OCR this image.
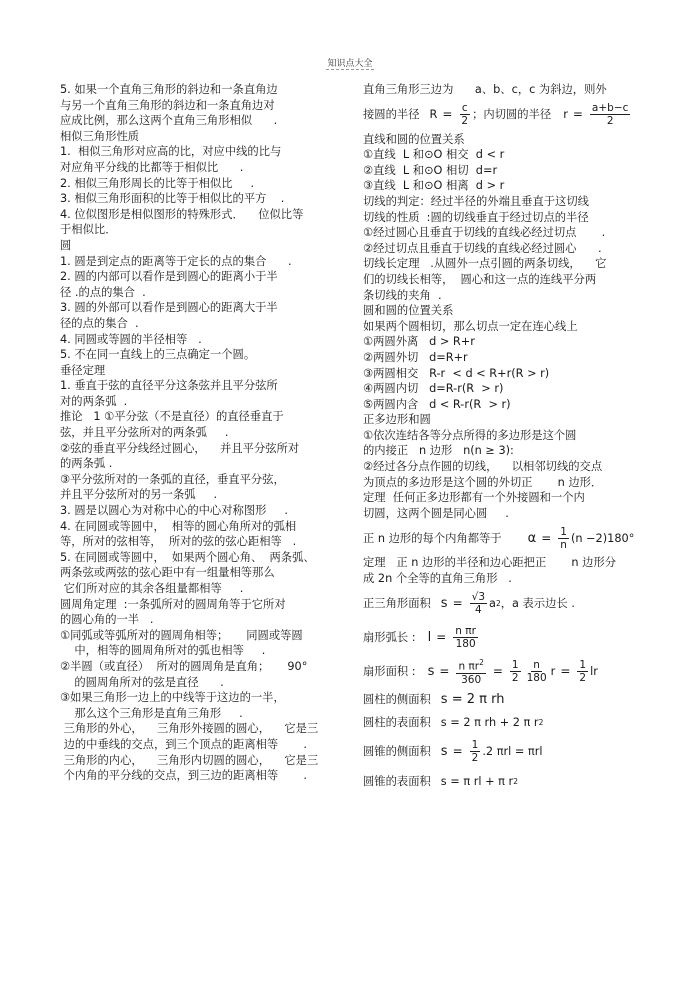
知识点大全
5. 如果一个直角三角形的斜边和一条直角边
与另一个直角三角形的斜边和一条直角边对
应成比例，那么这两个直角三角形相似      .
相似三角形性质
1.  相似三角形对应高的比，对应中线的比与
对应角平分线的比都等于相似比      .
2. 相似三角形周长的比等于相似比     .
3. 相似三角形面积的比等于相似比的平方    .
4. 位似图形是相似图形的特殊形式．    位似比等
于相似比．
圆
1. 圆是到定点的距离等于定长的点的集合      .
2. 圆的内部可以看作是到圆心的距离小于半
径 .的点的集合  .
3. 圆的外部可以看作是到圆心的距离大于半
径的点的集合  .
4. 同圆或等圆的半径相等   .
5. 不在同一直线上的三点确定一个圆。
垂径定理
1. 垂直于弦的直径平分这条弦并且平分弦所
对的两条弧  .
推论   1 ①平分弦（不是直径）的直径垂直于
弦，并且平分弦所对的两条弧     .
②弦的垂直平分线经过圆心，    并且平分弦所对
的两条弧 .
③平分弦所对的一条弧的直径，垂直平分弦，
并且平分弦所对的另一条弧     .
3. 圆是以圆心为对称中心的中心对称图形     .
4. 在同圆或等圆中，  相等的圆心角所对的弧相
等，所对的弦相等，  所对的弦的弦心距相等   .
5. 在同圆或等圆中，  如果两个圆心角、  两条弧、
两条弦或两弦的弦心距中有一组量相等那么
它们所对应的其余各组量都相等     .
圆周角定理  :一条弧所对的圆周角等于它所对
的圆心角的一半   .
①同弧或等弧所对的圆周角相等；     同圆或等圆
中，相等的圆周角所对的弧也相等     .
②半圆（或直径）  所对的圆周角是直角；     90°
的圆周角所对的弦是直径      .
③如果三角形一边上的中线等于这边的一半，
那么这个三角形是直角三角形     .
三角形的外心，    三角形外接圆的圆心，    它是三
边的中垂线的交点，到三个顶点的距离相等       .
三角形的内心，    三角形内切圆的圆心，    它是三
个内角的平分线的交点，到三边的距离相等       .
直角三角形三边为      a、b、c，c 为斜边，则外
接圆的半径 $R = \frac{c}{2}$ ；内切圆的半径 $r = \frac{a+b-c}{2}$
直线和圆的位置关系
①直线  L 和⊙O 相交  d < r
②直线  L 和⊙O 相切  d=r
③直线  L 和⊙O 相离  d > r
切线的判定：经过半径的外端且垂直于这切线
切线的性质  :圆的切线垂直于经过切点的半径
①经过圆心且垂直于切线的直线必经过切点       .
②经过切点且垂直于切线的直线必经过圆心      .
切线长定理   .从圆外一点引圆的两条切线，    它
们的切线长相等，  圆心和这一点的连线平分两
条切线的夹角  .
圆和圆的位置关系
如果两个圆相切，那么切点一定在连心线上
①两圆外离   d > R+r
②两圆外切   d=R+r
③两圆相交   R-r  < d < R+r(R > r)
④两圆内切   d=R-r(R  > r)
⑤两圆内含   d < R-r(R  > r)
正多边形和圆
①依次连结各等分点所得的多边形是这个圆
的内接正   n 边形   n(n ≥ 3):
②经过各分点作圆的切线，    以相邻切线的交点
为顶点的多边形是这个圆的外切正       n 边形．
定理  任何正多边形都有一个外接圆和一个内
切圆，这两个圆是同心圆     .
正 n 边形的每个内角都等于 $\alpha = \frac{1}{n} (n -2)180^\circ$
定理   正 n 边形的半径和边心距把正       n 边形分
成 2n 个全等的直角三角形   .
正三角形面积 $s = \frac{√3}{4}$ a 2 ，a 表示边长 .
扇形弧长 : $l = \frac{\text{n πr}}{180}$
扇形面积 : $s = \frac{n \pi r^2}{360} = \frac{1}{2} \frac{n}{180}$ $r = \frac{1}{2}$ lr
圆柱的侧面积 s = 2 π rh
圆柱的表面积 s = 2 π rh + 2 π r 2
圆锥的侧面积 $s = \frac{1}{2} .2$ πrl = πrl
圆锥的表面积 s = π rl + π r 2
